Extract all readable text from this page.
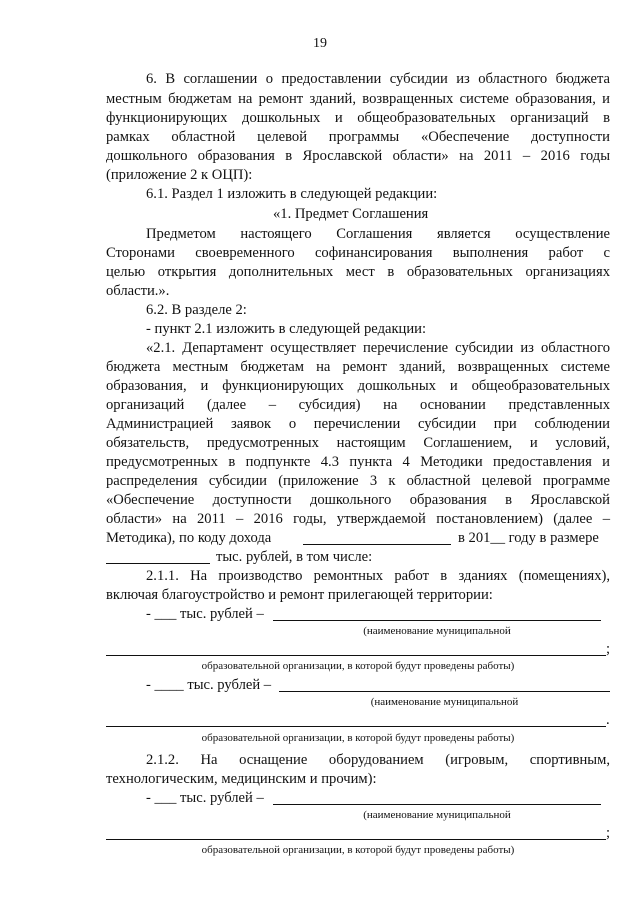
19
6. В соглашении о предоставлении субсидии из областного бюджета
местным бюджетам на ремонт зданий, возвращенных системе образования, и
функционирующих дошкольных и общеобразовательных организаций в
рамках областной целевой программы «Обеспечение доступности
дошкольного образования в Ярославской области» на 2011 – 2016 годы
(приложение 2 к ОЦП):
6.1. Раздел 1 изложить в следующей редакции:
«1. Предмет Соглашения
Предметом настоящего Соглашения является осуществление
Сторонами своевременного софинансирования выполнения работ с
целью открытия дополнительных мест в образовательных организациях
области.».
6.2. В разделе 2:
- пункт 2.1 изложить в следующей редакции:
«2.1. Департамент осуществляет перечисление субсидии из областного
бюджета местным бюджетам на ремонт зданий, возвращенных системе
образования, и функционирующих дошкольных и общеобразовательных
организаций (далее – субсидия) на основании представленных
Администрацией заявок о перечислении субсидии при соблюдении
обязательств, предусмотренных настоящим Соглашением, и условий,
предусмотренных в подпункте 4.3 пункта 4 Методики предоставления и
распределения субсидии (приложение 3 к областной целевой программе
«Обеспечение доступности дошкольного образования в Ярославской
области» на 2011 – 2016 годы, утверждаемой постановлением) (далее –
Методика), по коду дохода	в 201__ году в размере
тыс. рублей, в том числе:
2.1.1. На производство ремонтных работ в зданиях (помещениях),
включая благоустройство и ремонт прилегающей территории:
- ___ тыс. рублей –
(наименование муниципальной
;
образовательной организации, в которой будут проведены работы)
- ____ тыс. рублей –
(наименование муниципальной
.
образовательной организации, в которой будут проведены работы)
2.1.2. На оснащение оборудованием (игровым, спортивным,
технологическим, медицинским и прочим):
- ___ тыс. рублей –
(наименование муниципальной
;
образовательной организации, в которой будут проведены работы)
